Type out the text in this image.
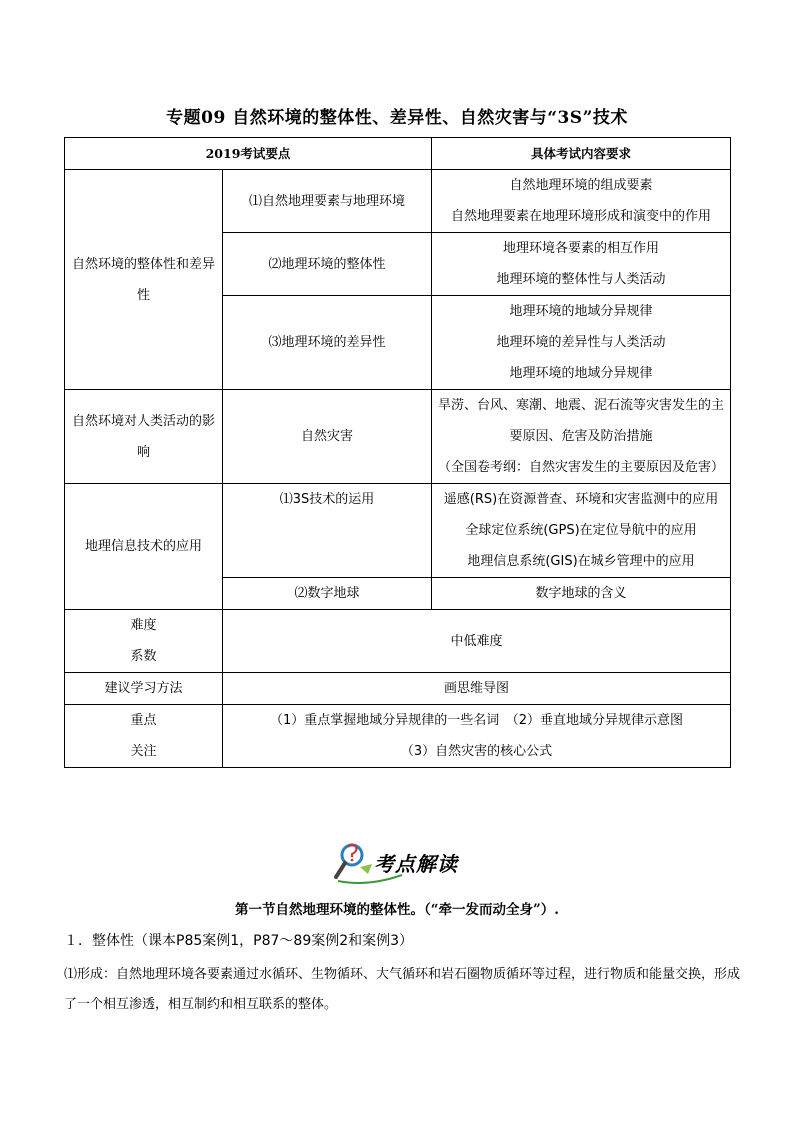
专题09 自然环境的整体性、差异性、自然灾害与“3S”技术
2019考试要点		具体考试内容要求
自然环境的整体性和差异性	⑴自然地理要素与地理环境	自然地理环境的组成要素
自然地理要素在地理环境形成和演变中的作用

	⑵地理环境的整体性	地理环境各要素的相互作用
地理环境的整体性与人类活动

	⑶地理环境的差异性	地理环境的地域分异规律
地理环境的差异性与人类活动
地理环境的地域分异规律

自然环境对人类活动的影响	自然灾害	旱涝、台风、寒潮、地震、泥石流等灾害发生的主要原因、危害及防治措施
（全国卷考纲：自然灾害发生的主要原因及危害）

地理信息技术的应用	⑴3S技术的运用	遥感(RS)在资源普查、环境和灾害监测中的应用
全球定位系统(GPS)在定位导航中的应用
地理信息系统(GIS)在城乡管理中的应用

	⑵数字地球	数字地球的含义

难度
系数	中低难度	
建议学习方法	画思维导图	

重点
关注	（1）重点掌握地域分异规律的一些名词　（2）垂直地域分异规律示意图
（3）自然灾害的核心公式	
考点解读
第一节自然地理环境的整体性。（“牵一发而动全身”）.
１．整体性（课本P85案例1，P87～89案例2和案例3）
⑴形成：自然地理环境各要素通过水循环、生物循环、大气循环和岩石圈物质循环等过程，进行物质和能量交换，形成了一个相互渗透，相互制约和相互联系的整体。
